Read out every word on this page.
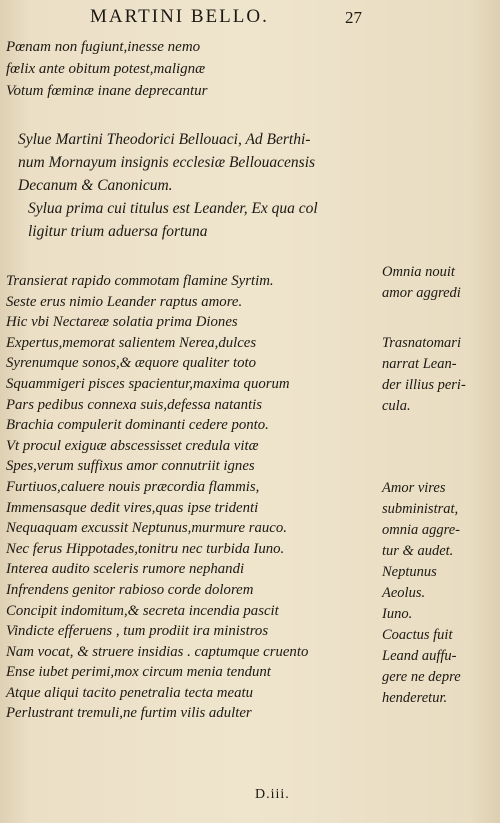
MARTINI BELLO.	27
Pœnam non fugiunt,inesse nemo
fœlix ante obitum potest,malignæ
Votum fœminæ inane deprecantur
Sylue Martini Theodorici Bellouaci, Ad Berthi-
num Mornayum insignis ecclesiæ Bellouacensis
Decanum & Canonicum.
Sylua prima cui titulus est Leander, Ex qua col
ligitur trium aduersa fortuna
Transierat rapido commotam flamine Syrtim.
Seste erus nimio Leander raptus amore.
Hic vbi Nectareæ solatia prima Diones
Expertus,memorat salientem Nerea,dulces
Syrenumque sonos,& æquore qualiter toto
Squammigeri pisces spacientur,maxima quorum
Pars pedibus connexa suis,defessa natantis
Brachia compulerit dominanti cedere ponto.
Vt procul exiguæ abscessisset credula vitæ
Spes,verum suffixus amor connutriit ignes
Furtiuos,caluere nouis præcordia flammis,
Immensasque dedit vires,quas ipse tridenti
Nequaquam excussit Neptunus,murmure rauco.
Nec ferus Hippotades,tonitru nec turbida Iuno.
Interea audito sceleris rumore nephandi
Infrendens genitor rabioso corde dolorem
Concipit indomitum,& secreta incendia pascit
Vindicte efferuens , tum prodiit ira ministros
Nam vocat, & struere insidias . captumque cruento
Ense iubet perimi,mox circum menia tendunt
Atque aliqui tacito penetralia tecta meatu
Perlustrant tremuli,ne furtim vilis adulter
Omnia nouit
amor aggredi
Trasnatomari
narrat Lean-
der illius peri-
cula.
Amor vires
subministrat,
omnia aggre-
tur & audet.
Neptunus
Aeolus.
Iuno.
Coactus fuit
Leand auffu-
gere ne depre
henderetur.
D.iii.
